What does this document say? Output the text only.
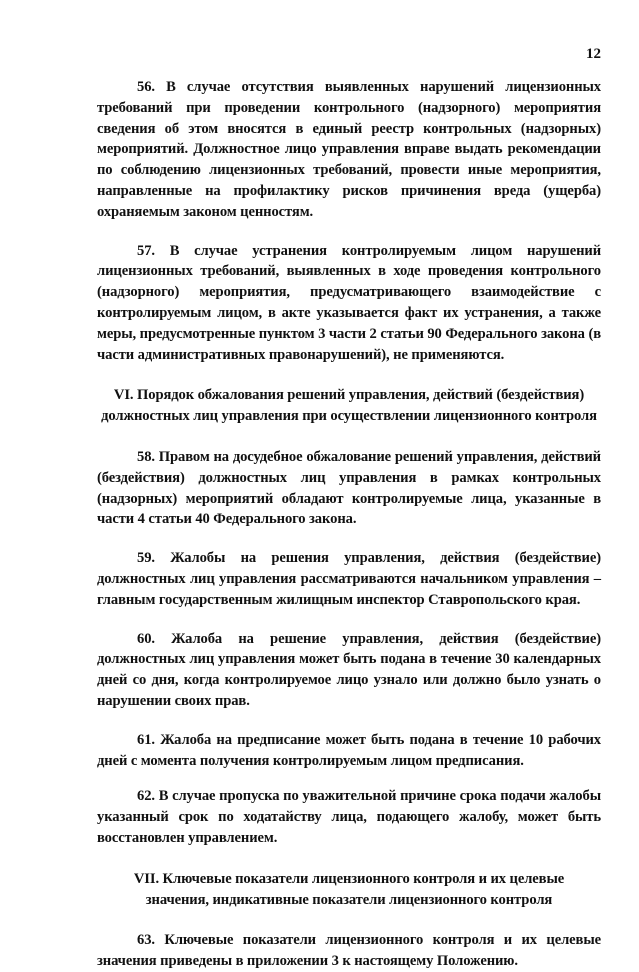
12

56. В случае отсутствия выявленных нарушений лицензионных требований при проведении контрольного (надзорного) мероприятия сведения об этом вносятся в единый реестр контрольных (надзорных) мероприятий. Должностное лицо управления вправе выдать рекомендации по соблюдению лицензионных требований, провести иные мероприятия, направленные на профилактику рисков причинения вреда (ущерба) охраняемым законом ценностям.

57. В случае устранения контролируемым лицом нарушений лицензионных требований, выявленных в ходе проведения контрольного (надзорного) мероприятия, предусматривающего взаимодействие с контролируемым лицом, в акте указывается факт их устранения, а также меры, предусмотренные пунктом 3 части 2 статьи 90 Федерального закона (в части административных правонарушений), не применяются.

VI. Порядок обжалования решений управления, действий (бездействия)
должностных лиц управления при осуществлении лицензионного контроля

58. Правом на досудебное обжалование решений управления, действий (бездействия) должностных лиц управления в рамках контрольных (надзорных) мероприятий обладают контролируемые лица, указанные в части 4 статьи 40 Федерального закона.

59. Жалобы на решения управления, действия (бездействие) должностных лиц управления рассматриваются начальником управления – главным государственным жилищным инспектор Ставропольского края.

60. Жалоба на решение управления, действия (бездействие) должностных лиц управления может быть подана в течение 30 календарных дней со дня, когда контролируемое лицо узнало или должно было узнать о нарушении своих прав.

61. Жалоба на предписание может быть подана в течение 10 рабочих дней с момента получения контролируемым лицом предписания.

62. В случае пропуска по уважительной причине срока подачи жалобы указанный срок по ходатайству лица, подающего жалобу, может быть восстановлен управлением.

VII. Ключевые показатели лицензионного контроля и их целевые
значения, индикативные показатели лицензионного контроля

63. Ключевые показатели лицензионного контроля и их целевые значения приведены в приложении 3 к настоящему Положению.
